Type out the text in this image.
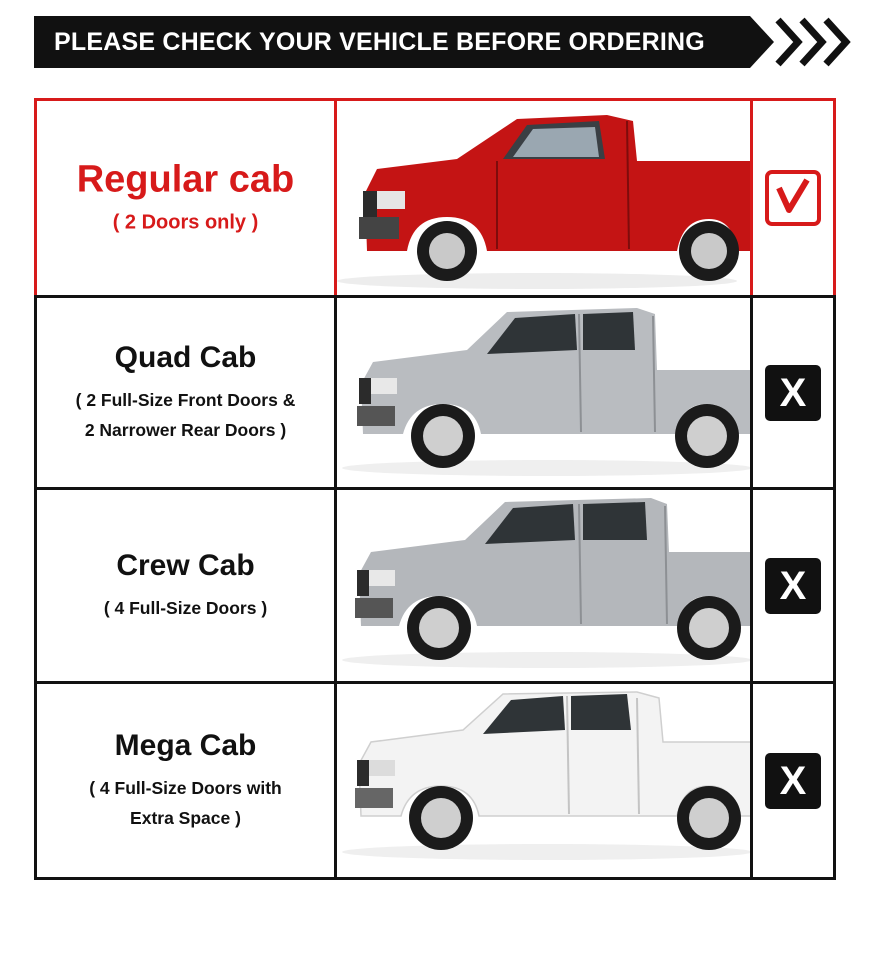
PLEASE CHECK YOUR VEHICLE BEFORE ORDERING
Regular cab
( 2 Doors only )
Quad Cab
( 2 Full-Size Front Doors &
2 Narrower Rear Doors )
X
Crew Cab
( 4 Full-Size Doors )	X
Mega Cab
( 4 Full-Size Doors with
Extra Space )
X
